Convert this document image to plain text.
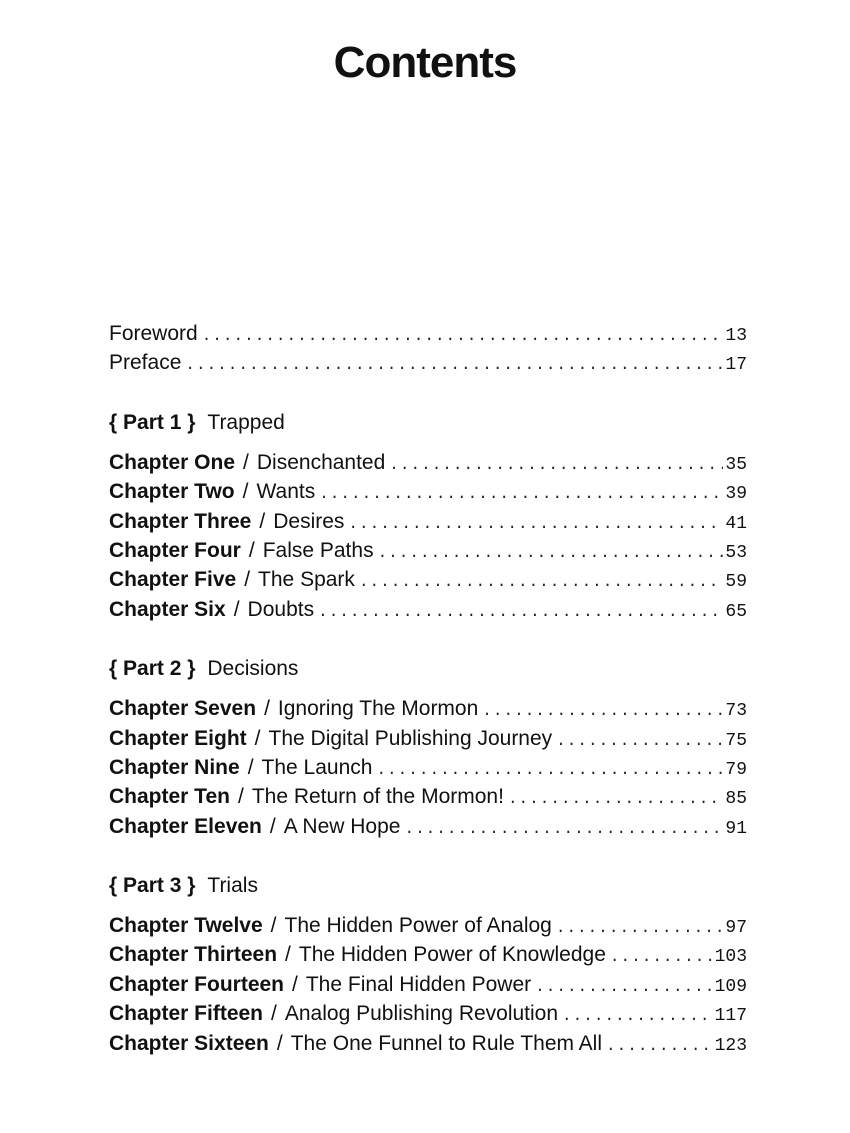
Contents
Foreword .....	13
Preface .....	17
{ Part 1 } Trapped
Chapter One / Disenchanted .....	35
Chapter Two / Wants .....	39
Chapter Three / Desires .....	41
Chapter Four / False Paths .....	53
Chapter Five / The Spark .....	59
Chapter Six / Doubts .....	65
{ Part 2 } Decisions
Chapter Seven / Ignoring The Mormon .....	73
Chapter Eight / The Digital Publishing Journey .....	75
Chapter Nine / The Launch .....	79
Chapter Ten / The Return of the Mormon! .....	85
Chapter Eleven / A New Hope .....	91
{ Part 3 } Trials
Chapter Twelve / The Hidden Power of Analog .....	97
Chapter Thirteen / The Hidden Power of Knowledge .....	103
Chapter Fourteen / The Final Hidden Power .....	109
Chapter Fifteen / Analog Publishing Revolution .....	117
Chapter Sixteen / The One Funnel to Rule Them All .....	123
